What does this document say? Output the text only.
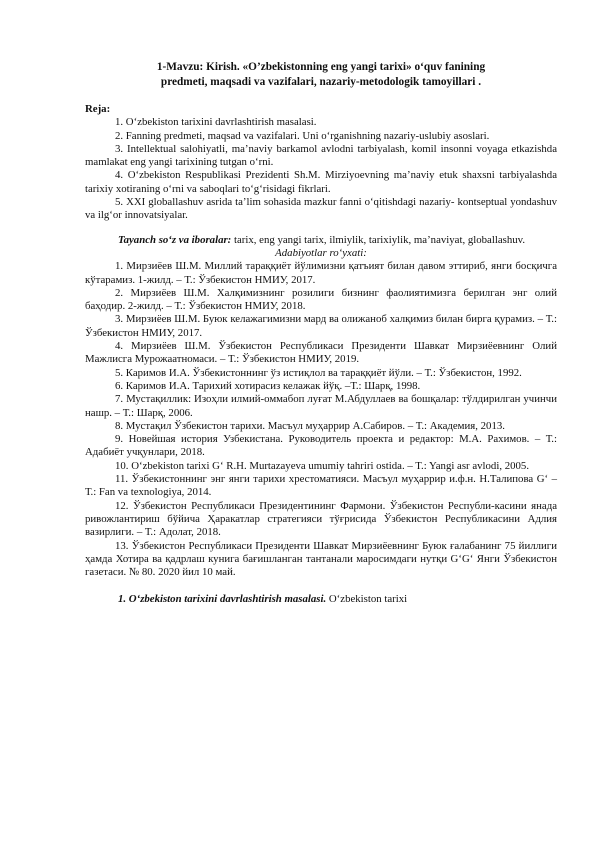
1-Mavzu: Kirish. «O’zbekistonning eng yangi tarixi» o‘quv fanining
predmeti, maqsadi va vazifalari, nazariy-metodologik tamoyillari .

Reja:

1. O‘zbekiston tarixini davrlashtirish masalasi.

2. Fanning predmeti, maqsad va vazifalari. Uni o‘rganishning nazariy-uslubiy asoslari.

3. Intellektual salohiyatli, ma’naviy barkamol avlodni tarbiyalash, komil insonni voyaga etkazishda mamlakat eng yangi tarixining tutgan o‘rni.

4. O‘zbekiston Respublikasi Prezidenti Sh.M. Mirziyoevning ma’naviy etuk shaxsni tarbiyalashda tarixiy xotiraning o‘rni va saboqlari to‘g‘risidagi fikrlari.

5. XXI globallashuv asrida ta’lim sohasida mazkur fanni o‘qitishdagi nazariy- kontseptual yondashuv va ilg‘or innovatsiyalar.

Tayanch so‘z va iboralar: tarix, eng yangi tarix, ilmiylik, tarixiylik, ma’naviyat, globallashuv.

Adabiyotlar ro‘yxati:

1. Мирзиёев Ш.М. Миллий тараққиёт йўлимизни қатъият билан давом эттириб, янги босқичга кўтарамиз. 1-жилд. – Т.: Ўзбекистон НМИУ, 2017.

2. Мирзиёев Ш.М. Халқимизнинг розилиги бизнинг фаолиятимизга берилган энг олий баҳодир. 2-жилд. – Т.: Ўзбекистон НМИУ, 2018.

3. Мирзиёев Ш.М. Буюк келажагимизни мард ва олижаноб халқимиз билан бирга қурамиз. – Т.: Ўзбекистон НМИУ, 2017.

4. Мирзиёев Ш.М. Ўзбекистон Республикаси Президенти Шавкат Мирзиёевнинг Олий Мажлисга Мурожаатномаси. – Т.: Ўзбекистон НМИУ, 2019.

5. Каримов И.А. Ўзбекистоннинг ўз истиқлол ва тараққиёт йўли. – Т.: Ўзбекистон, 1992.

6. Каримов И.А. Тарихий хотирасиз келажак йўқ. –Т.: Шарқ, 1998.

7. Мустақиллик: Изоҳли илмий-оммабоп луғат М.Абдуллаев ва бошқалар: тўлдирилган учинчи нашр. – Т.: Шарқ, 2006.

8. Мустақил Ўзбекистон тарихи. Масъул муҳаррир А.Сабиров. – Т.: Академия, 2013.

9. Новейшая история Узбекистана. Руководитель проекта и редактор: М.А. Рахимов. – Т.: Адабиёт учқунлари, 2018.

10. O‘zbekiston tarixi G‘ R.H. Murtazayeva umumiy tahriri ostida. – T.: Yangi asr avlodi, 2005.

11. Ўзбекистоннинг энг янги тарихи хрестоматияси. Масъул муҳаррир и.ф.н. Н.Талипова G‘ – Т.: Fan va texnologiya, 2014.

12. Ўзбекистон Республикаси Президентининг Фармони. Ўзбекистон Республи-касини янада ривожлантириш бўйича Ҳаракатлар стратегияси тўғрисида Ўзбекистон Республикасини Адлия вазирлиги. – Т.: Адолат, 2018.

13. Ўзбекистон Республикаси Президенти Шавкат Мирзиёевнинг Буюк ғалабанинг 75 йиллиги ҳамда Хотира ва қадрлаш кунига бағишланган тантанали маросимдаги нутқи G‘G‘ Янги Ўзбекистон газетаси. № 80. 2020 йил 10 май.

1. O‘zbekiston tarixini davrlashtirish masalasi. O‘zbekiston tarixi
